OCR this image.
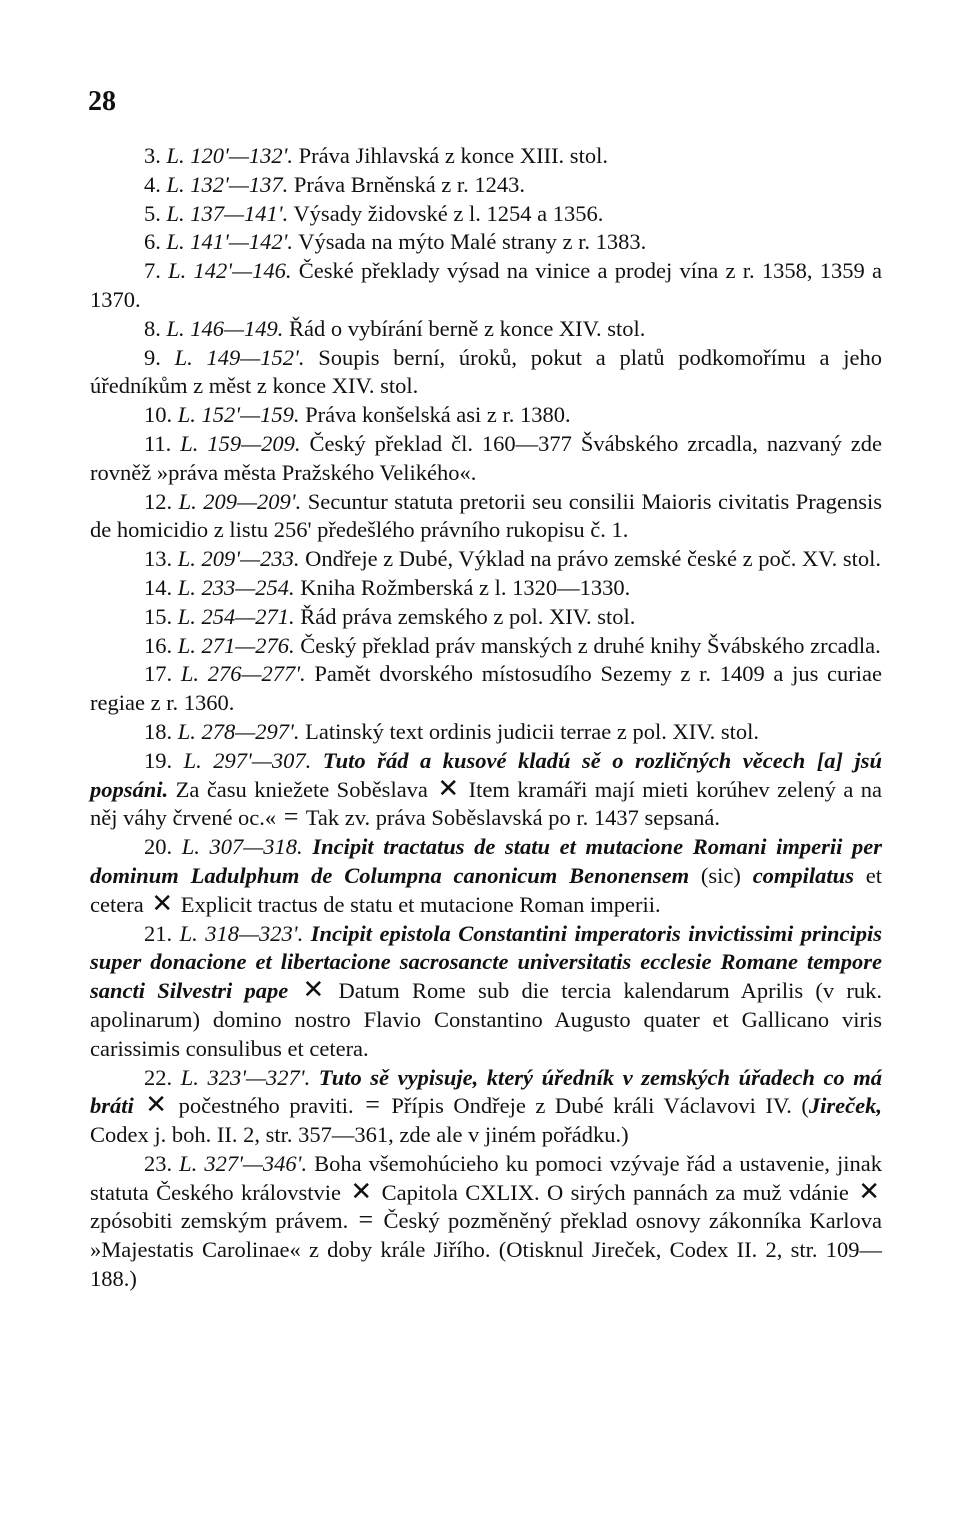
28

3. L. 120'—132'. Práva Jihlavská z konce XIII. stol.

4. L. 132'—137. Práva Brněnská z r. 1243.

5. L. 137—141'. Výsady židovské z l. 1254 a 1356.

6. L. 141'—142'. Výsada na mýto Malé strany z r. 1383.

7. L. 142'—146. České překlady výsad na vinice a prodej vína z r. 1358, 1359 a 1370.

8. L. 146—149. Řád o vybírání berně z konce XIV. stol.

9. L. 149—152'. Soupis berní, úroků, pokut a platů podkomořímu a jeho úředníkům z měst z konce XIV. stol.

10. L. 152'—159. Práva konšelská asi z r. 1380.

11. L. 159—209. Český překlad čl. 160—377 Švábského zrcadla, nazvaný zde rovněž »práva města Pražského Velikého«.

12. L. 209—209'. Secuntur statuta pretorii seu consilii Maioris civitatis Pragensis de homicidio z listu 256' předešlého právního rukopisu č. 1.

13. L. 209'—233. Ondřeje z Dubé, Výklad na právo zemské české z poč. XV. stol.

14. L. 233—254. Kniha Rožmberská z l. 1320—1330.

15. L. 254—271. Řád práva zemského z pol. XIV. stol.

16. L. 271—276. Český překlad práv manských z druhé knihy Švábského zrcadla.

17. L. 276—277'. Pamět dvorského místosudího Sezemy z r. 1409 a jus curiae regiae z r. 1360.

18. L. 278—297'. Latinský text ordinis judicii terrae z pol. XIV. stol.

19. L. 297'—307. Tuto řád a kusové kladú sě o rozličných věcech [a] jsú popsáni. Za času kniežete Soběslava ✕ Item kramáři mají mieti korúhev zelený a na něj váhy črvené oc.« = Tak zv. práva Soběslavská po r. 1437 sepsaná.

20. L. 307—318. Incipit tractatus de statu et mutacione Romani imperii per dominum Ladulphum de Columpna canonicum Benonensem (sic) compilatus et cetera ✕ Explicit tractus de statu et mutacione Roman imperii.

21. L. 318—323'. Incipit epistola Constantini imperatoris invictissimi principis super donacione et libertacione sacrosancte universitatis ecclesie Romane tempore sancti Silvestri pape ✕ Datum Rome sub die tercia kalendarum Aprilis (v ruk. apolinarum) domino nostro Flavio Constantino Augusto quater et Gallicano viris carissimis consulibus et cetera.

22. L. 323'—327'. Tuto sě vypisuje, který úředník v zemských úřadech co má bráti ✕ počestného praviti. = Přípis Ondřeje z Dubé králi Václavovi IV. (Jireček, Codex j. boh. II. 2, str. 357—361, zde ale v jiném pořádku.)

23. L. 327'—346'. Boha všemohúcieho ku pomoci vzývaje řád a ustavenie, jinak statuta Českého královstvie ✕ Capitola CXLIX. O sirých pannách za muž vdánie ✕ zpósobiti zemským právem. = Český pozměněný překlad osnovy zákonníka Karlova »Majestatis Carolinae« z doby krále Jiřího. (Otisknul Jireček, Codex II. 2, str. 109—188.)
